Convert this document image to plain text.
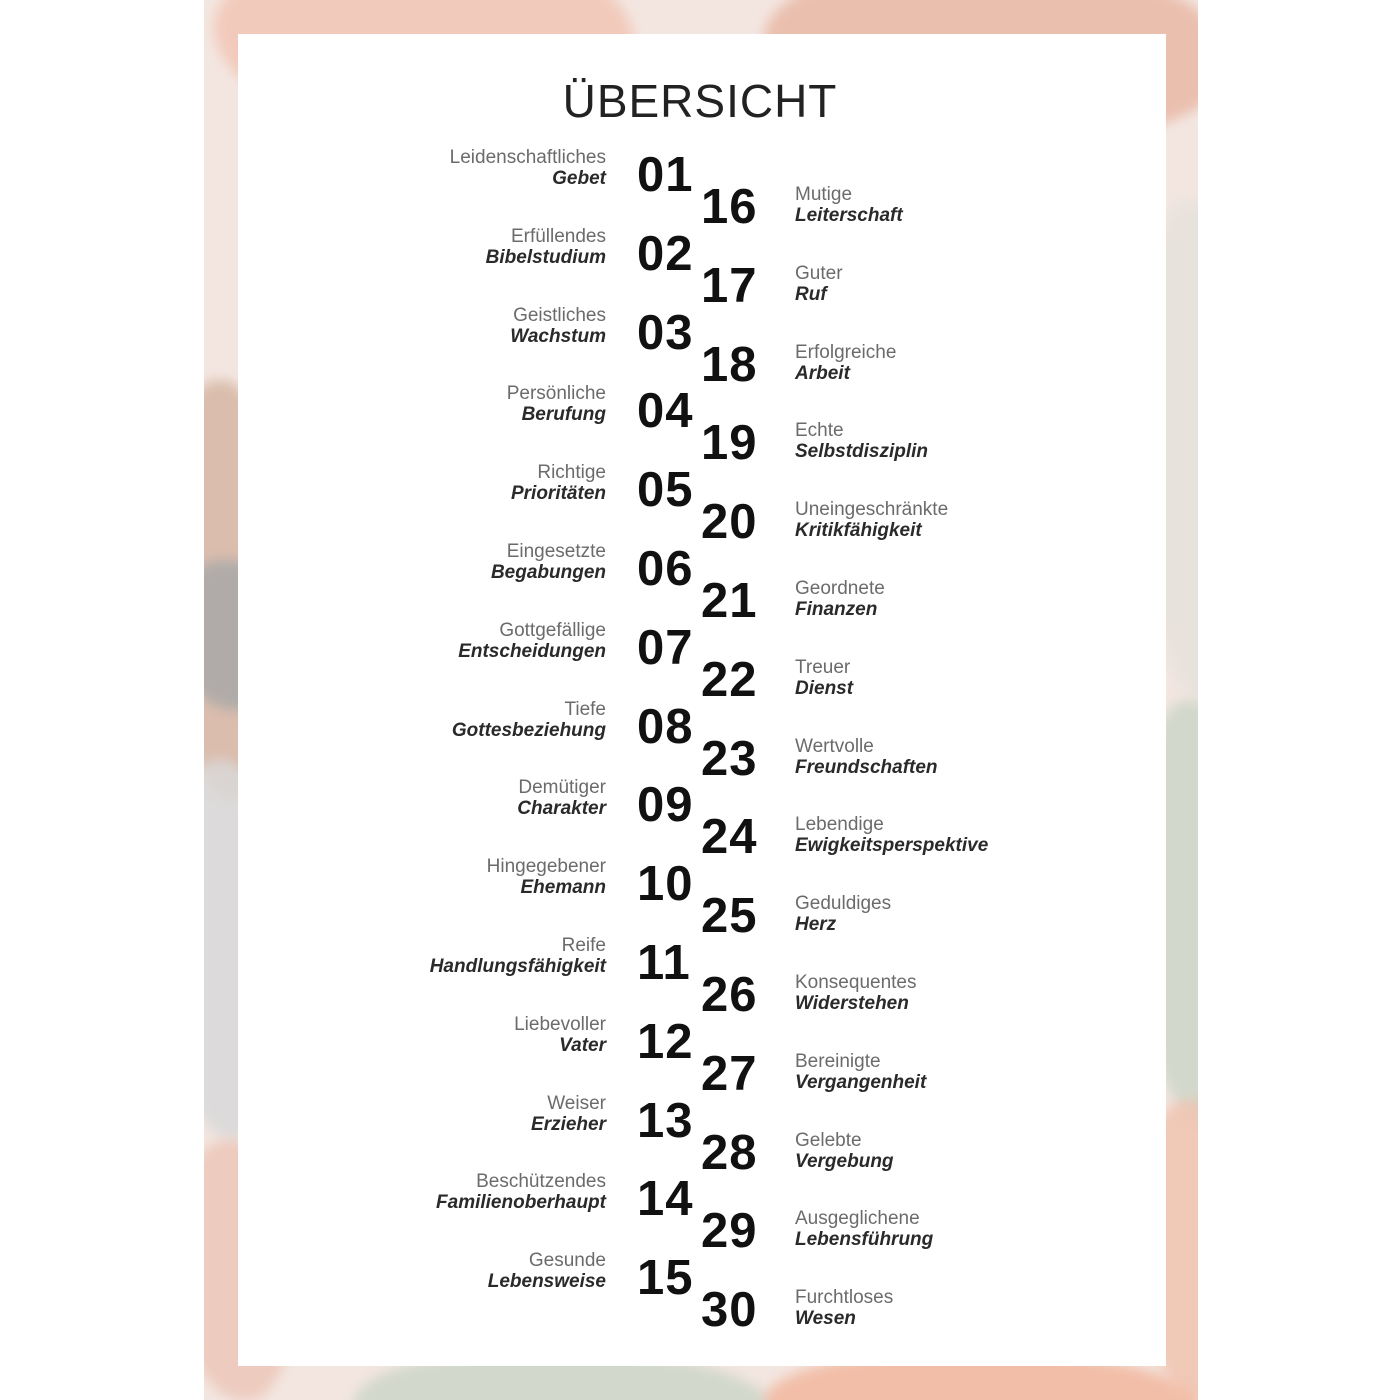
ÜBERSICHT
01
Leidenschaftliches
Gebet
02
Erfüllendes
Bibelstudium
03
Geistliches
Wachstum
04
Persönliche
Berufung
05
Richtige
Prioritäten
06
Eingesetzte
Begabungen
07
Gottgefällige
Entscheidungen
08
Tiefe
Gottesbeziehung
09
Demütiger
Charakter
10
Hingegebener
Ehemann
11
Reife
Handlungsfähigkeit
12
Liebevoller
Vater
13
Weiser
Erzieher
14
Beschützendes
Familienoberhaupt
15
Gesunde
Lebensweise
16 Mutige
Leiterschaft
17 Guter
Ruf
18 Erfolgreiche
Arbeit
19 Echte
Selbstdisziplin
20 Uneingeschränkte
Kritikfähigkeit
21 Geordnete
Finanzen
22 Treuer
Dienst
23 Wertvolle
Freundschaften
24 Lebendige
Ewigkeitsperspektive
25 Geduldiges
Herz
26 Konsequentes
Widerstehen
27 Bereinigte
Vergangenheit
28 Gelebte
Vergebung
29 Ausgeglichene
Lebensführung
30 Furchtloses
Wesen
